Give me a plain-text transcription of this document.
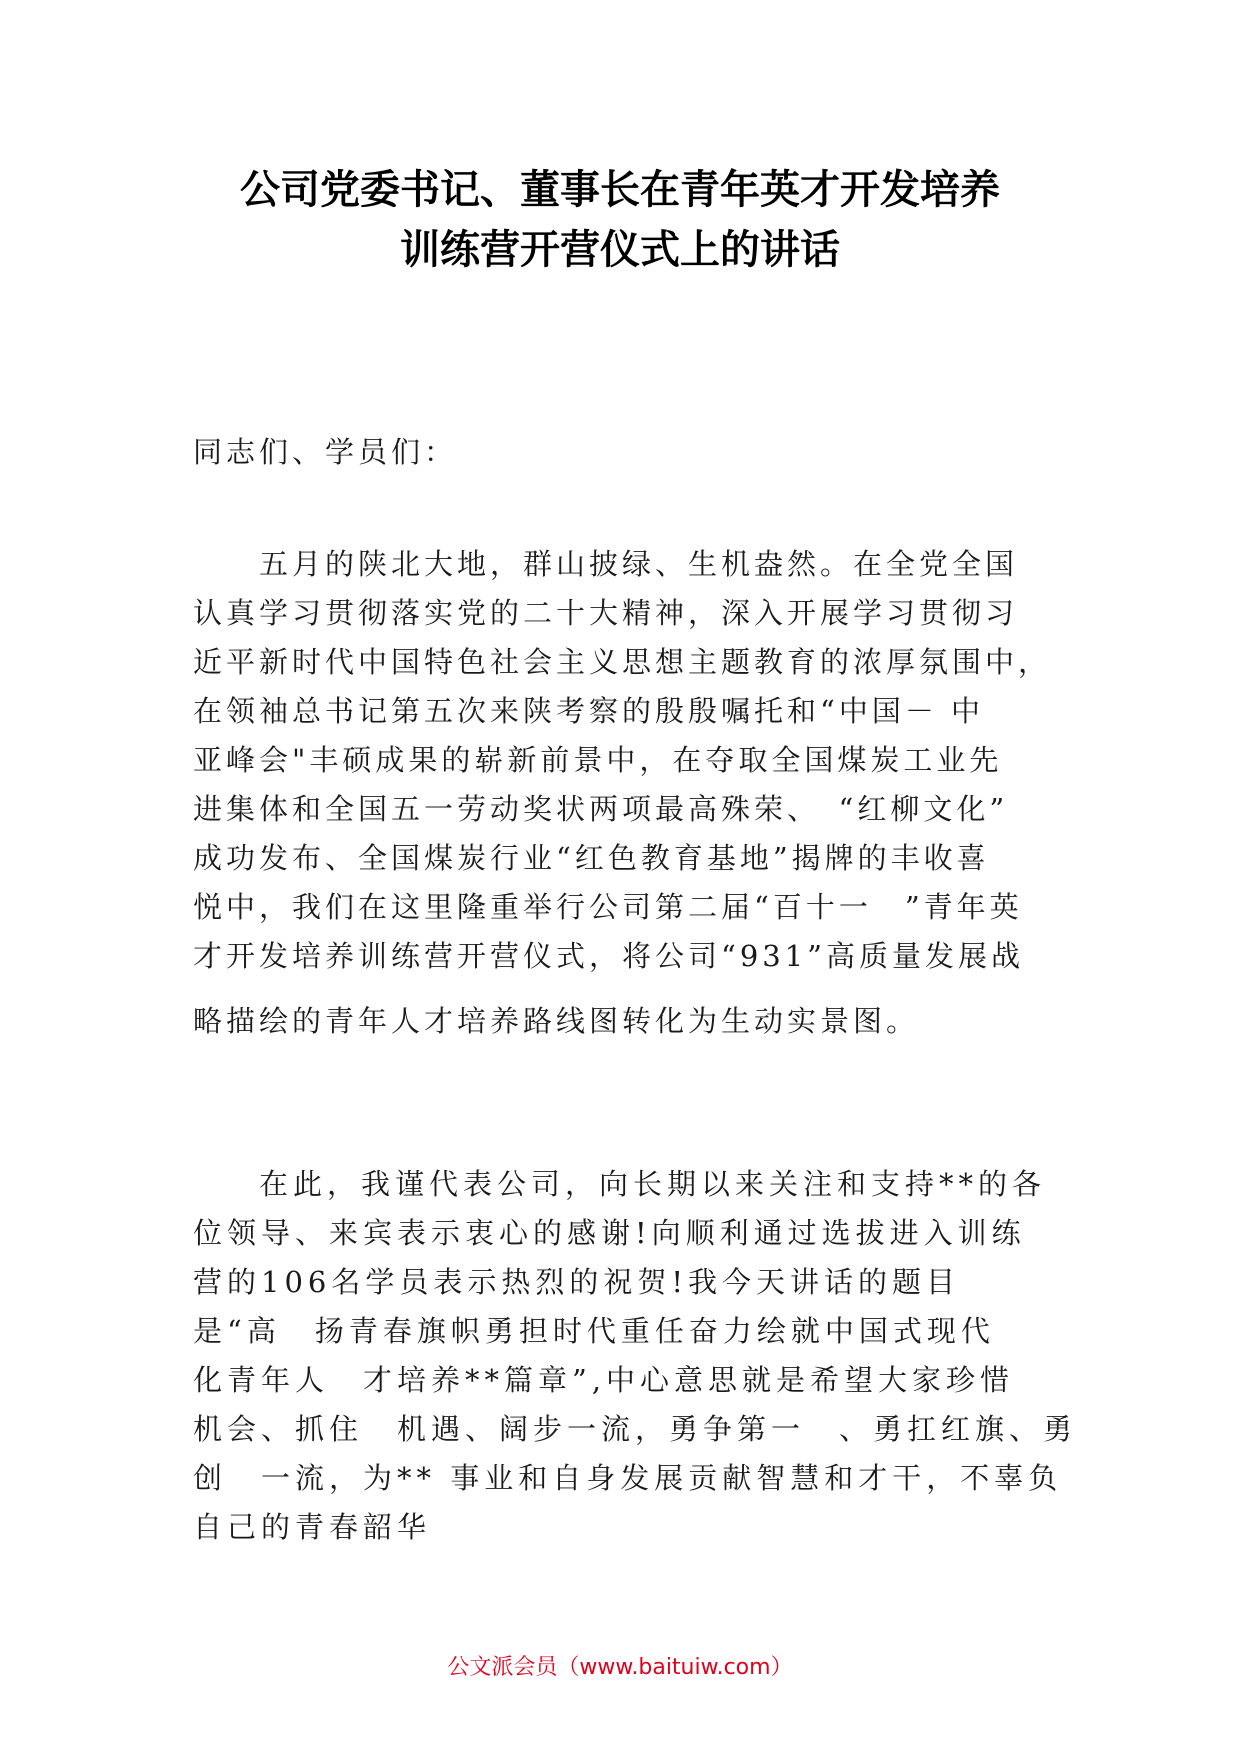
公司党委书记、董事长在青年英才开发培养
训练营开营仪式上的讲话
同志们、学员们：
五月的陕北大地，群山披绿、生机盎然。在全党全国
认真学习贯彻落实党的二十大精神，深入开展学习贯彻习
近平新时代中国特色社会主义思想主题教育的浓厚氛围中，
在领袖总书记第五次来陕考察的殷殷嘱托和“中国－ 中
亚峰会"丰硕成果的崭新前景中，在夺取全国煤炭工业先
进集体和全国五一劳动奖状两项最高殊荣、　“红柳文化”
成功发布、全国煤炭行业“红色教育基地”揭牌的丰收喜
悦中，我们在这里隆重举行公司第二届“百十一　”青年英
才开发培养训练营开营仪式，将公司“931”高质量发展战
略描绘的青年人才培养路线图转化为生动实景图。
在此，我谨代表公司，向长期以来关注和支持**的各
位领导、来宾表示衷心的感谢!向顺利通过选拔进入训练
营的106名学员表示热烈的祝贺!我今天讲话的题目
是“高　扬青春旗帜勇担时代重任奋力绘就中国式现代
化青年人　才培养**篇章”,中心意思就是希望大家珍惜
机会、抓住　机遇、阔步一流，勇争第一　、勇扛红旗、勇
创　一流，为** 事业和自身发展贡献智慧和才干，不辜负
自己的青春韶华
公文派会员（www.baituiw.com）
